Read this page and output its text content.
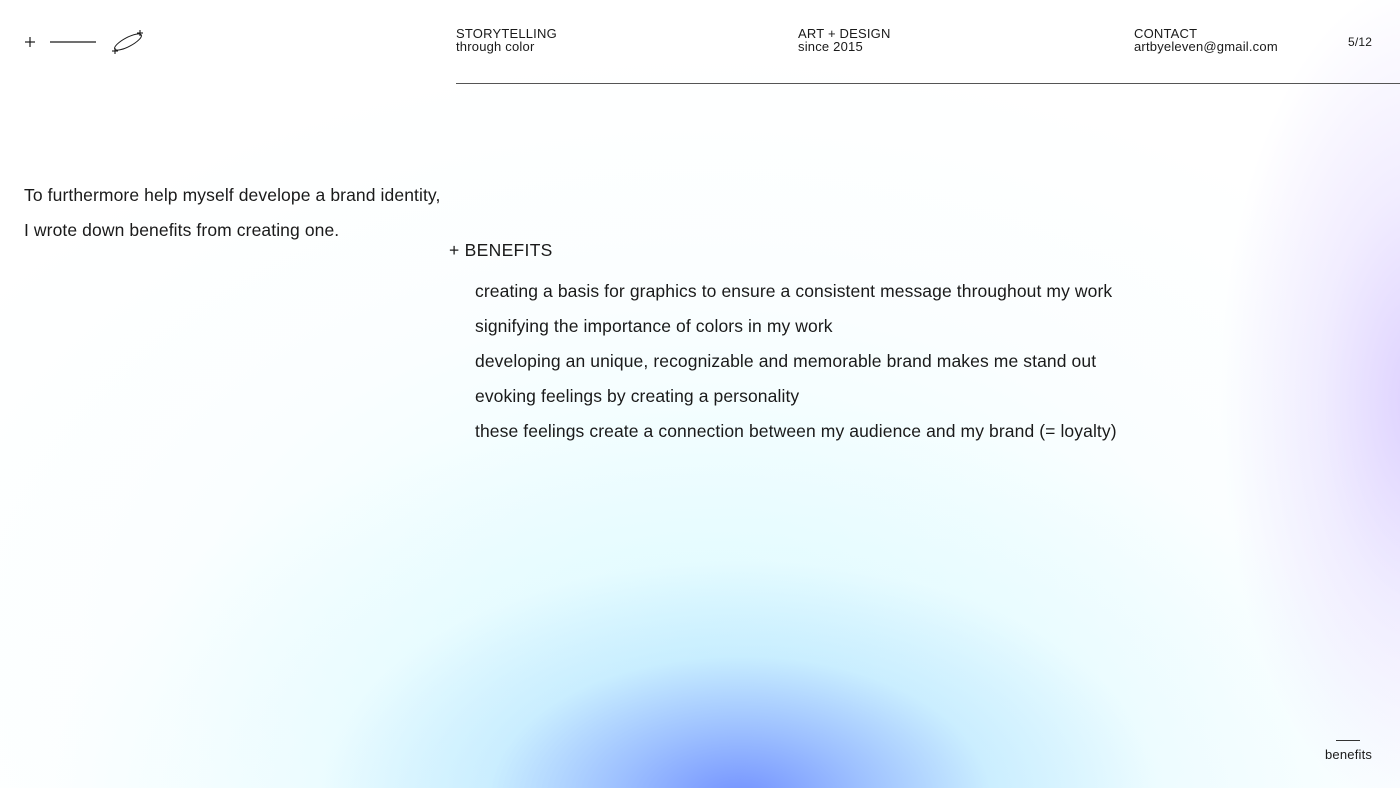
STORYTELLING
through color
ART + DESIGN
since 2015
CONTACT
artbyeleven@gmail.com	5/12
To furthermore help myself develope a brand identity,
I wrote down benefits from creating one.
+ BENEFITS
creating a basis for graphics to ensure a consistent message throughout my work
signifying the importance of colors in my work
developing an unique, recognizable and memorable brand makes me stand out
evoking feelings by creating a personality
these feelings create a connection between my audience and my brand (= loyalty)
benefits
